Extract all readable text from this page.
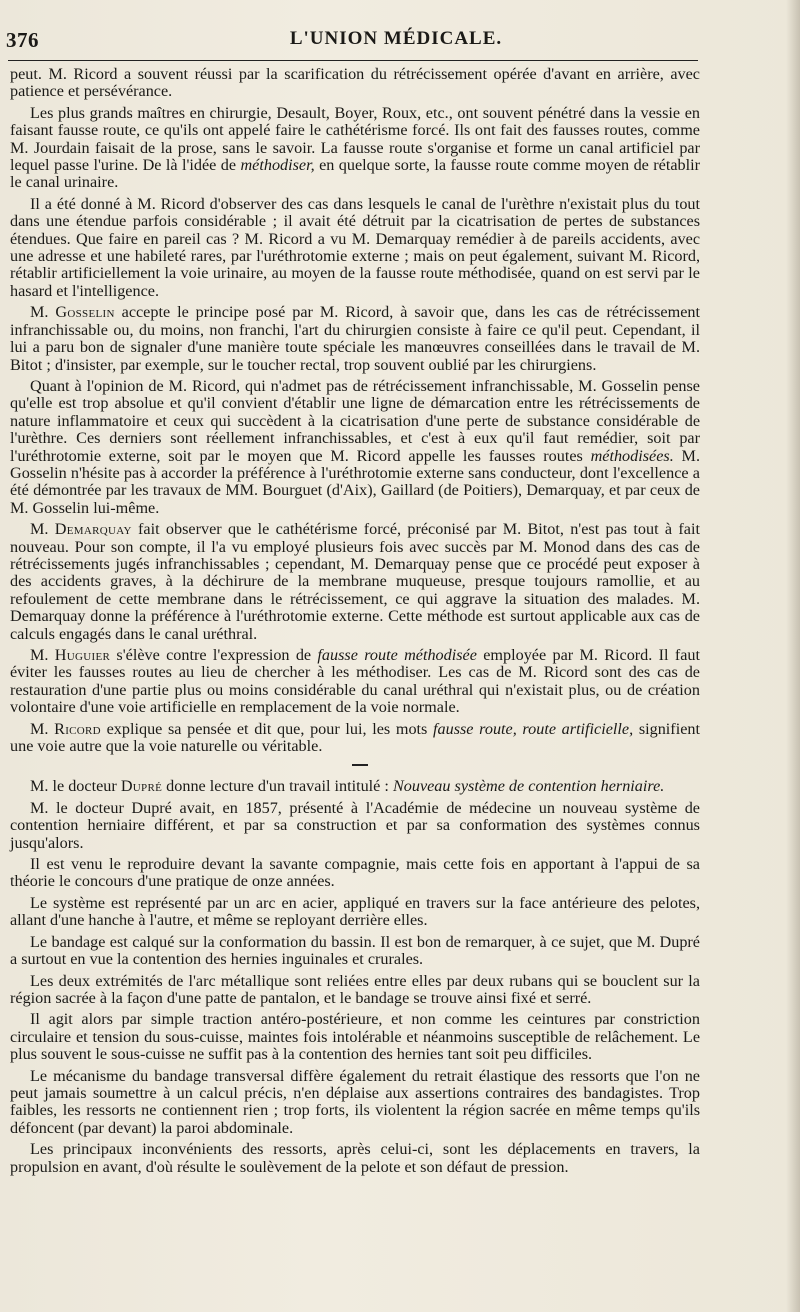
376	L'UNION MÉDICALE.

peut. M. Ricord a souvent réussi par la scarification du rétrécissement opérée d'avant en arrière, avec patience et persévérance.

Les plus grands maîtres en chirurgie, Desault, Boyer, Roux, etc., ont souvent pénétré dans la vessie en faisant fausse route, ce qu'ils ont appelé faire le cathétérisme forcé. Ils ont fait des fausses routes, comme M. Jourdain faisait de la prose, sans le savoir. La fausse route s'organise et forme un canal artificiel par lequel passe l'urine. De là l'idée de méthodiser, en quelque sorte, la fausse route comme moyen de rétablir le canal urinaire.

Il a été donné à M. Ricord d'observer des cas dans lesquels le canal de l'urèthre n'existait plus du tout dans une étendue parfois considérable ; il avait été détruit par la cicatrisation de pertes de substances étendues. Que faire en pareil cas ? M. Ricord a vu M. Demarquay remédier à de pareils accidents, avec une adresse et une habileté rares, par l'uréthrotomie externe ; mais on peut également, suivant M. Ricord, rétablir artificiellement la voie urinaire, au moyen de la fausse route méthodisée, quand on est servi par le hasard et l'intelligence.

M. Gosselin accepte le principe posé par M. Ricord, à savoir que, dans les cas de rétrécissement infranchissable ou, du moins, non franchi, l'art du chirurgien consiste à faire ce qu'il peut. Cependant, il lui a paru bon de signaler d'une manière toute spéciale les manœuvres conseillées dans le travail de M. Bitot ; d'insister, par exemple, sur le toucher rectal, trop souvent oublié par les chirurgiens.

Quant à l'opinion de M. Ricord, qui n'admet pas de rétrécissement infranchissable, M. Gosselin pense qu'elle est trop absolue et qu'il convient d'établir une ligne de démarcation entre les rétrécissements de nature inflammatoire et ceux qui succèdent à la cicatrisation d'une perte de substance considérable de l'urèthre. Ces derniers sont réellement infranchissables, et c'est à eux qu'il faut remédier, soit par l'uréthrotomie externe, soit par le moyen que M. Ricord appelle les fausses routes méthodisées. M. Gosselin n'hésite pas à accorder la préférence à l'uréthrotomie externe sans conducteur, dont l'excellence a été démontrée par les travaux de MM. Bourguet (d'Aix), Gaillard (de Poitiers), Demarquay, et par ceux de M. Gosselin lui-même.

M. Demarquay fait observer que le cathétérisme forcé, préconisé par M. Bitot, n'est pas tout à fait nouveau. Pour son compte, il l'a vu employé plusieurs fois avec succès par M. Monod dans des cas de rétrécissements jugés infranchissables ; cependant, M. Demarquay pense que ce procédé peut exposer à des accidents graves, à la déchirure de la membrane muqueuse, presque toujours ramollie, et au refoulement de cette membrane dans le rétrécissement, ce qui aggrave la situation des malades. M. Demarquay donne la préférence à l'uréthrotomie externe. Cette méthode est surtout applicable aux cas de calculs engagés dans le canal uréthral.

M. Huguier s'élève contre l'expression de fausse route méthodisée employée par M. Ricord. Il faut éviter les fausses routes au lieu de chercher à les méthodiser. Les cas de M. Ricord sont des cas de restauration d'une partie plus ou moins considérable du canal uréthral qui n'existait plus, ou de création volontaire d'une voie artificielle en remplacement de la voie normale.

M. Ricord explique sa pensée et dit que, pour lui, les mots fausse route, route artificielle, signifient une voie autre que la voie naturelle ou véritable.

M. le docteur Dupré donne lecture d'un travail intitulé : Nouveau système de contention herniaire.

M. le docteur Dupré avait, en 1857, présenté à l'Académie de médecine un nouveau système de contention herniaire différent, et par sa construction et par sa conformation des systèmes connus jusqu'alors.

Il est venu le reproduire devant la savante compagnie, mais cette fois en apportant à l'appui de sa théorie le concours d'une pratique de onze années.

Le système est représenté par un arc en acier, appliqué en travers sur la face antérieure des pelotes, allant d'une hanche à l'autre, et même se reployant derrière elles.

Le bandage est calqué sur la conformation du bassin. Il est bon de remarquer, à ce sujet, que M. Dupré a surtout en vue la contention des hernies inguinales et crurales.

Les deux extrémités de l'arc métallique sont reliées entre elles par deux rubans qui se bouclent sur la région sacrée à la façon d'une patte de pantalon, et le bandage se trouve ainsi fixé et serré.

Il agit alors par simple traction antéro-postérieure, et non comme les ceintures par constriction circulaire et tension du sous-cuisse, maintes fois intolérable et néanmoins susceptible de relâchement. Le plus souvent le sous-cuisse ne suffit pas à la contention des hernies tant soit peu difficiles.

Le mécanisme du bandage transversal diffère également du retrait élastique des ressorts que l'on ne peut jamais soumettre à un calcul précis, n'en déplaise aux assertions contraires des bandagistes. Trop faibles, les ressorts ne contiennent rien ; trop forts, ils violentent la région sacrée en même temps qu'ils défoncent (par devant) la paroi abdominale.

Les principaux inconvénients des ressorts, après celui-ci, sont les déplacements en travers, la propulsion en avant, d'où résulte le soulèvement de la pelote et son défaut de pression.
